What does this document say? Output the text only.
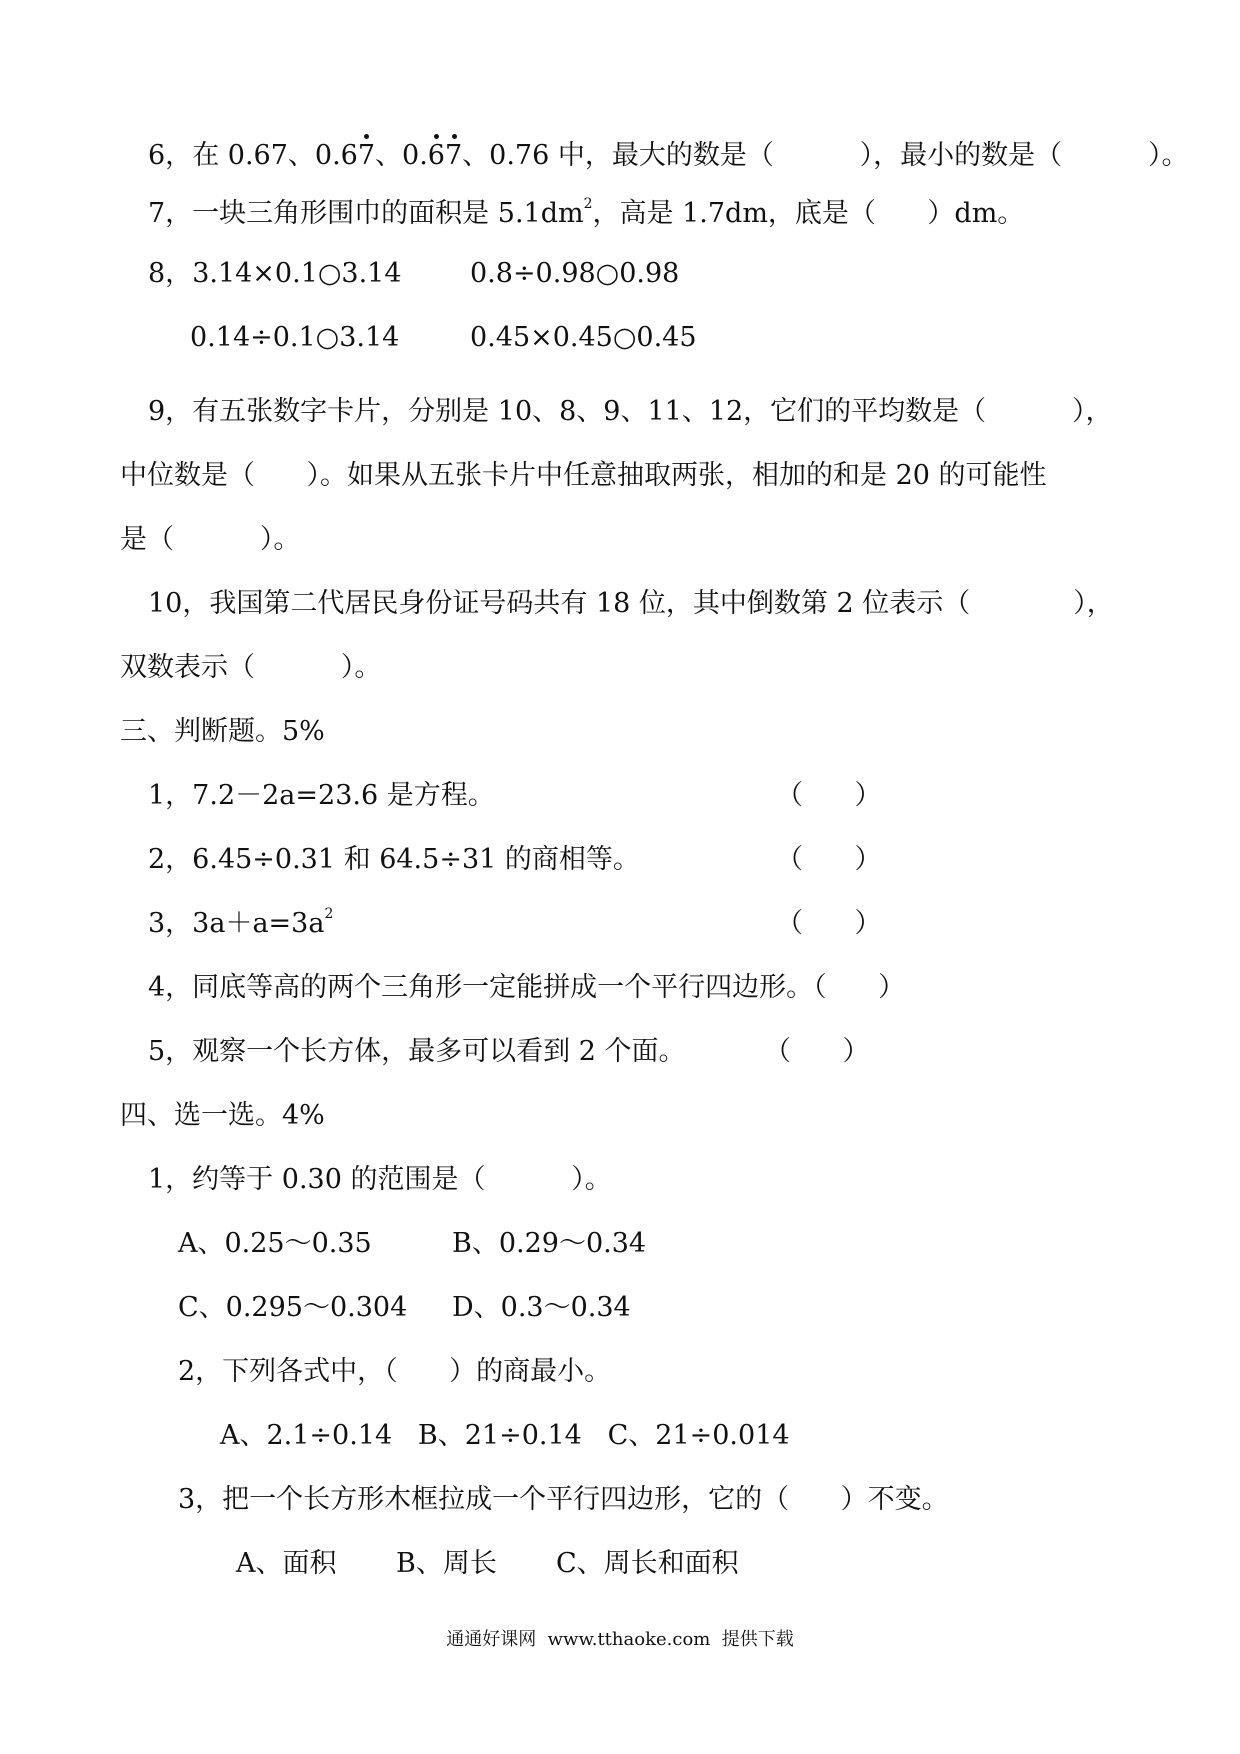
6，在 0.67、0.67、0.67、0.76 中，最大的数是（          ），最小的数是（          ）。
7，一块三角形围巾的面积是 $5.1dm^2$，高是 1.7dm，底是（      ）dm。
8，3.14×0.1○3.14	0.8÷0.98○0.98
0.14÷0.1○3.14	0.45×0.45○0.45
9，有五张数字卡片，分别是 10、8、9、11、12，它们的平均数是（          ），
中位数是（      ）。如果从五张卡片中任意抽取两张，相加的和是 20 的可能性
是（          ）。
10，我国第二代居民身份证号码共有 18 位，其中倒数第 2 位表示（            ），
双数表示（          ）。
三、判断题。5%
1，7.2－2a=23.6 是方程。	（      ）
2，6.45÷0.31 和 64.5÷31 的商相等。	（      ）
3，$3a+a=3a^2$	（      ）
4，同底等高的两个三角形一定能拼成一个平行四边形。（      ）
5，观察一个长方体，最多可以看到 2 个面。	（      ）
四、选一选。4%
1，约等于 0.30 的范围是（          ）。
A、0.25～0.35	B、0.29～0.34
C、0.295～0.304 D、0.3～0.34
2，下列各式中，（      ）的商最小。
A、2.1÷0.14   B、21÷0.14   C、21÷0.014
3，把一个长方形木框拉成一个平行四边形，它的（      ）不变。
A、面积 B、周长 C、周长和面积
通通好课网  www.tthaoke.com  提供下载
